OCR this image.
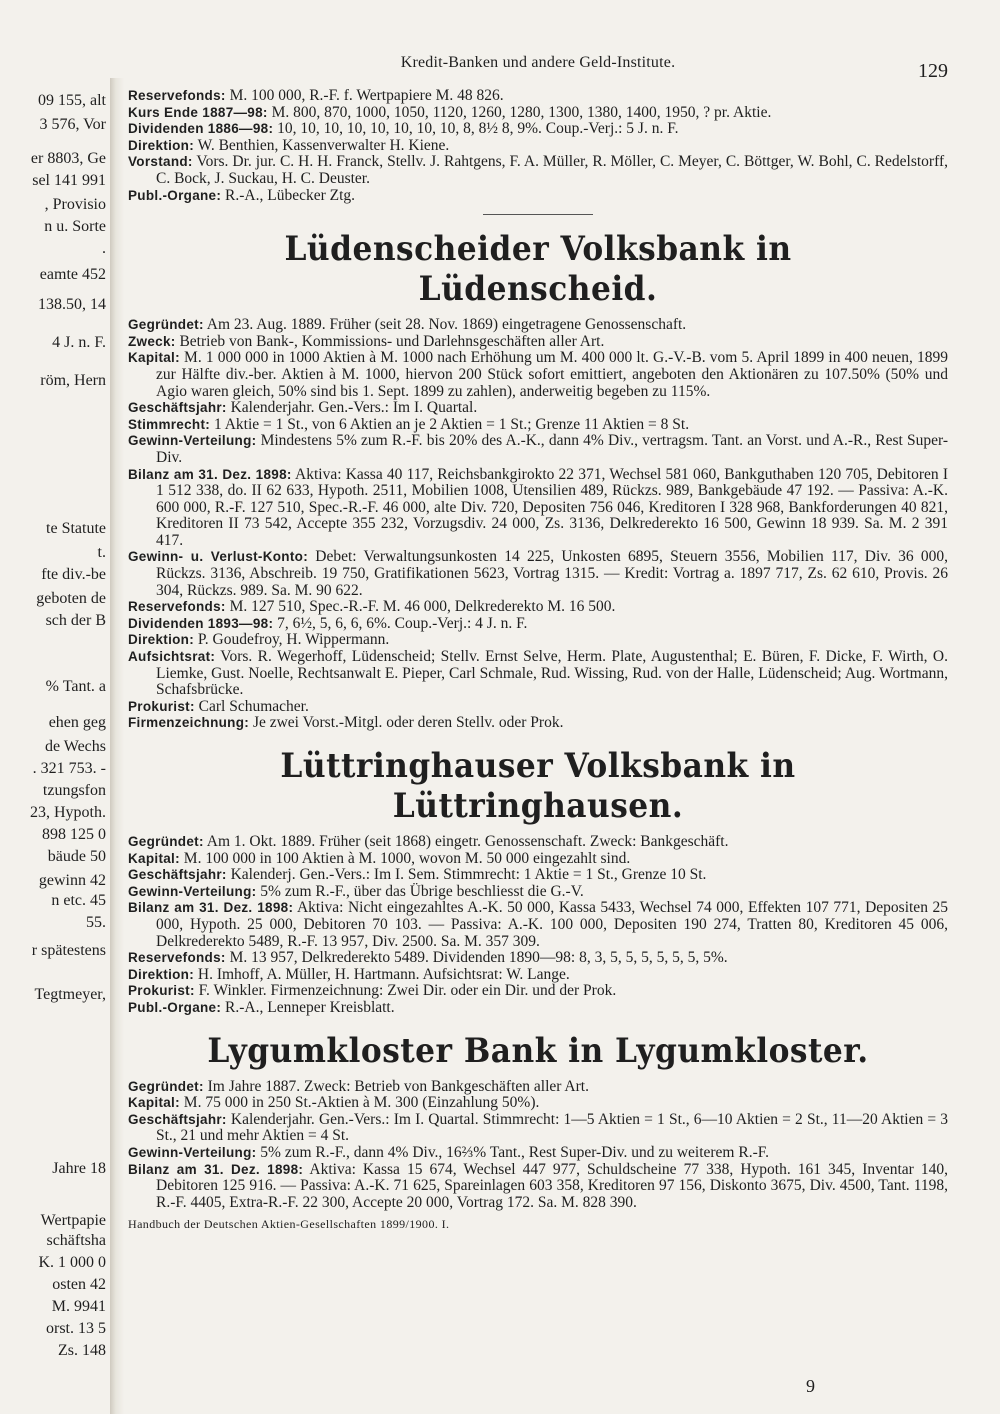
09 155, alt
3 576, Vor
er 8803, Ge
sel 141 991
, Provisio
n u. Sorte
.
eamte 452
138.50, 14
4 J. n. F.
röm, Hern
te Statute
t.
fte div.-be
geboten de
sch der B
% Tant. a
ehen geg
de Wechs
. 321 753. -
tzungsfon
23, Hypoth.
898 125 0
bäude 50
gewinn 42
n etc. 45
55.
r spätestens
Tegtmeyer,
Jahre 18
Wertpapie
schäftsha
K. 1 000 0
osten 42
M. 9941
orst. 13 5
Zs. 148
Kredit-Banken und andere Geld-Institute.	129

Reservefonds: M. 100 000, R.-F. f. Wertpapiere M. 48 826.

Kurs Ende 1887—98: M. 800, 870, 1000, 1050, 1120, 1260, 1280, 1300, 1380, 1400, 1950, ? pr. Aktie.

Dividenden 1886—98: 10, 10, 10, 10, 10, 10, 10, 10, 8, 8½ 8, 9%. Coup.-Verj.: 5 J. n. F.

Direktion: W. Benthien, Kassenverwalter H. Kiene.

Vorstand: Vors. Dr. jur. C. H. H. Franck, Stellv. J. Rahtgens, F. A. Müller, R. Möller, C. Meyer, C. Böttger, W. Bohl, C. Redelstorff, C. Bock, J. Suckau, H. C. Deuster.

Publ.-Organe: R.-A., Lübecker Ztg.

Lüdenscheider Volksbank in Lüdenscheid.

Gegründet: Am 23. Aug. 1889. Früher (seit 28. Nov. 1869) eingetragene Genossenschaft.

Zweck: Betrieb von Bank-, Kommissions- und Darlehnsgeschäften aller Art.

Kapital: M. 1 000 000 in 1000 Aktien à M. 1000 nach Erhöhung um M. 400 000 lt. G.-V.-B. vom 5. April 1899 in 400 neuen, 1899 zur Hälfte div.-ber. Aktien à M. 1000, hiervon 200 Stück sofort emittiert, angeboten den Aktionären zu 107.50% (50% und Agio waren gleich, 50% sind bis 1. Sept. 1899 zu zahlen), anderweitig begeben zu 115%.

Geschäftsjahr: Kalenderjahr. Gen.-Vers.: Im I. Quartal.

Stimmrecht: 1 Aktie = 1 St., von 6 Aktien an je 2 Aktien = 1 St.; Grenze 11 Aktien = 8 St.

Gewinn-Verteilung: Mindestens 5% zum R.-F. bis 20% des A.-K., dann 4% Div., vertragsm. Tant. an Vorst. und A.-R., Rest Super-Div.

Bilanz am 31. Dez. 1898: Aktiva: Kassa 40 117, Reichsbankgirokto 22 371, Wechsel 581 060, Bankguthaben 120 705, Debitoren I 1 512 338, do. II 62 633, Hypoth. 2511, Mobilien 1008, Utensilien 489, Rückzs. 989, Bankgebäude 47 192. — Passiva: A.-K. 600 000, R.-F. 127 510, Spec.-R.-F. 46 000, alte Div. 720, Depositen 756 046, Kreditoren I 328 968, Bankforderungen 40 821, Kreditoren II 73 542, Accepte 355 232, Vorzugsdiv. 24 000, Zs. 3136, Delkrederekto 16 500, Gewinn 18 939. Sa. M. 2 391 417.

Gewinn- u. Verlust-Konto: Debet: Verwaltungsunkosten 14 225, Unkosten 6895, Steuern 3556, Mobilien 117, Div. 36 000, Rückzs. 3136, Abschreib. 19 750, Gratifikationen 5623, Vortrag 1315. — Kredit: Vortrag a. 1897 717, Zs. 62 610, Provis. 26 304, Rückzs. 989. Sa. M. 90 622.

Reservefonds: M. 127 510, Spec.-R.-F. M. 46 000, Delkrederekto M. 16 500.

Dividenden 1893—98: 7, 6½, 5, 6, 6, 6%. Coup.-Verj.: 4 J. n. F.

Direktion: P. Goudefroy, H. Wippermann.

Aufsichtsrat: Vors. R. Wegerhoff, Lüdenscheid; Stellv. Ernst Selve, Herm. Plate, Augustenthal; E. Büren, F. Dicke, F. Wirth, O. Liemke, Gust. Noelle, Rechtsanwalt E. Pieper, Carl Schmale, Rud. Wissing, Rud. von der Halle, Lüdenscheid; Aug. Wortmann, Schafsbrücke.

Prokurist: Carl Schumacher.

Firmenzeichnung: Je zwei Vorst.-Mitgl. oder deren Stellv. oder Prok.

Lüttringhauser Volksbank in Lüttringhausen.

Gegründet: Am 1. Okt. 1889. Früher (seit 1868) eingetr. Genossenschaft. Zweck: Bankgeschäft.

Kapital: M. 100 000 in 100 Aktien à M. 1000, wovon M. 50 000 eingezahlt sind.

Geschäftsjahr: Kalenderj. Gen.-Vers.: Im I. Sem. Stimmrecht: 1 Aktie = 1 St., Grenze 10 St.

Gewinn-Verteilung: 5% zum R.-F., über das Übrige beschliesst die G.-V.

Bilanz am 31. Dez. 1898: Aktiva: Nicht eingezahltes A.-K. 50 000, Kassa 5433, Wechsel 74 000, Effekten 107 771, Depositen 25 000, Hypoth. 25 000, Debitoren 70 103. — Passiva: A.-K. 100 000, Depositen 190 274, Tratten 80, Kreditoren 45 006, Delkrederekto 5489, R.-F. 13 957, Div. 2500. Sa. M. 357 309.

Reservefonds: M. 13 957, Delkrederekto 5489. Dividenden 1890—98: 8, 3, 5, 5, 5, 5, 5, 5, 5%.

Direktion: H. Imhoff, A. Müller, H. Hartmann. Aufsichtsrat: W. Lange.

Prokurist: F. Winkler. Firmenzeichnung: Zwei Dir. oder ein Dir. und der Prok.

Publ.-Organe: R.-A., Lenneper Kreisblatt.

Lygumkloster Bank in Lygumkloster.

Gegründet: Im Jahre 1887. Zweck: Betrieb von Bankgeschäften aller Art.

Kapital: M. 75 000 in 250 St.-Aktien à M. 300 (Einzahlung 50%).

Geschäftsjahr: Kalenderjahr. Gen.-Vers.: Im I. Quartal. Stimmrecht: 1—5 Aktien = 1 St., 6—10 Aktien = 2 St., 11—20 Aktien = 3 St., 21 und mehr Aktien = 4 St.

Gewinn-Verteilung: 5% zum R.-F., dann 4% Div., 16⅔% Tant., Rest Super-Div. und zu weiterem R.-F.

Bilanz am 31. Dez. 1898: Aktiva: Kassa 15 674, Wechsel 447 977, Schuldscheine 77 338, Hypoth. 161 345, Inventar 140, Debitoren 125 916. — Passiva: A.-K. 71 625, Spareinlagen 603 358, Kreditoren 97 156, Diskonto 3675, Div. 4500, Tant. 1198, R.-F. 4405, Extra-R.-F. 22 300, Accepte 20 000, Vortrag 172. Sa. M. 828 390.

Handbuch der Deutschen Aktien-Gesellschaften 1899/1900. I.
9
